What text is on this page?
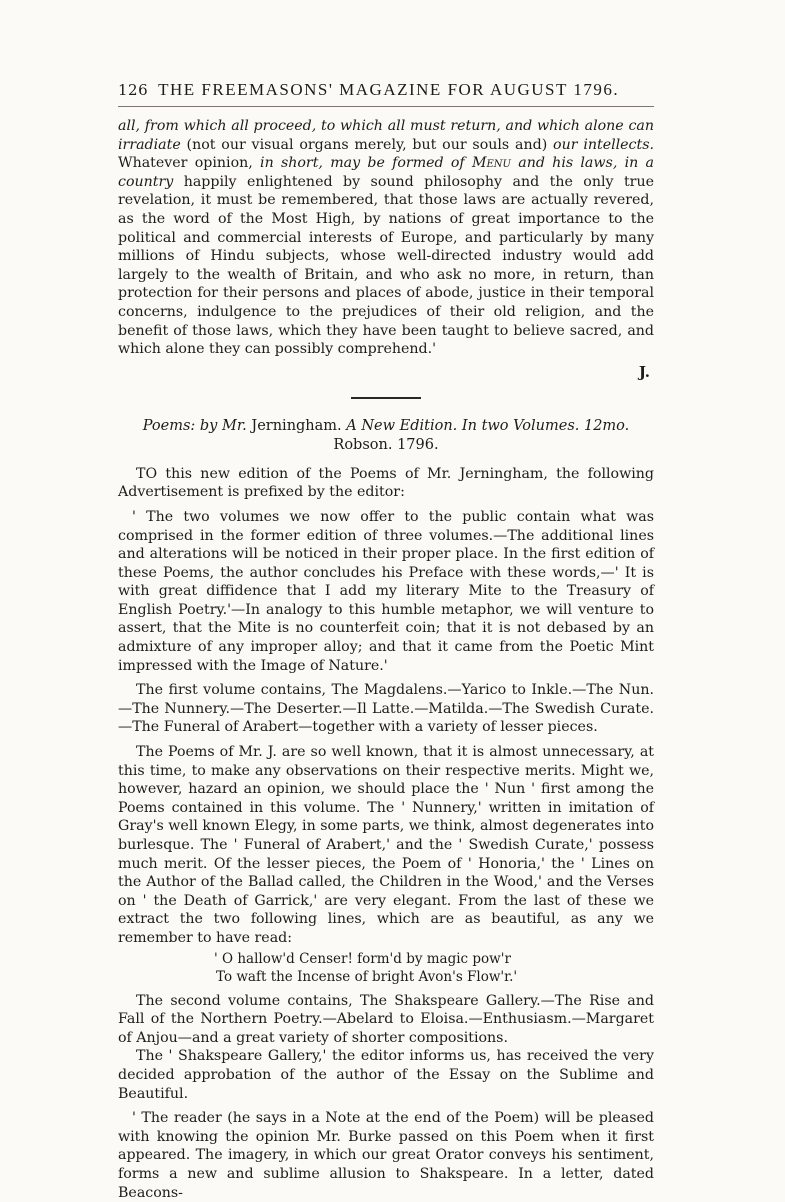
126 THE FREEMASONS' MAGAZINE FOR AUGUST 1796.

all, from which all proceed, to which all must return, and which alone can irradiate (not our visual organs merely, but our souls and) our intellects. Whatever opinion, in short, may be formed of Menu and his laws, in a country happily enlightened by sound philosophy and the only true revelation, it must be remembered, that those laws are actually revered, as the word of the Most High, by nations of great importance to the political and commercial interests of Europe, and particularly by many millions of Hindu subjects, whose well-directed industry would add largely to the wealth of Britain, and who ask no more, in return, than protection for their persons and places of abode, justice in their temporal concerns, indulgence to the prejudices of their old religion, and the benefit of those laws, which they have been taught to believe sacred, and which alone they can possibly comprehend.'

J.
Poems: by Mr. Jerningham. A New Edition. In two Volumes. 12mo.
Robson. 1796.

TO this new edition of the Poems of Mr. Jerningham, the following Advertisement is prefixed by the editor:

' The two volumes we now offer to the public contain what was comprised in the former edition of three volumes.—The additional lines and alterations will be noticed in their proper place. In the first edition of these Poems, the author concludes his Preface with these words,—' It is with great diffidence that I add my literary Mite to the Treasury of English Poetry.'—In analogy to this humble metaphor, we will venture to assert, that the Mite is no counterfeit coin; that it is not debased by an admixture of any improper alloy; and that it came from the Poetic Mint impressed with the Image of Nature.'

The first volume contains, The Magdalens.—Yarico to Inkle.—The Nun.—The Nunnery.—The Deserter.—Il Latte.—Matilda.—The Swedish Curate.—The Funeral of Arabert—together with a variety of lesser pieces.

The Poems of Mr. J. are so well known, that it is almost unnecessary, at this time, to make any observations on their respective merits. Might we, however, hazard an opinion, we should place the ' Nun ' first among the Poems contained in this volume. The ' Nunnery,' written in imitation of Gray's well known Elegy, in some parts, we think, almost degenerates into burlesque. The ' Funeral of Arabert,' and the ' Swedish Curate,' possess much merit. Of the lesser pieces, the Poem of ' Honoria,' the ' Lines on the Author of the Ballad called, the Children in the Wood,' and the Verses on ' the Death of Garrick,' are very elegant. From the last of these we extract the two following lines, which are as beautiful, as any we remember to have read:

' O hallow'd Censer! form'd by magic pow'r
To waft the Incense of bright Avon's Flow'r.'

The second volume contains, The Shakspeare Gallery.—The Rise and Fall of the Northern Poetry.—Abelard to Eloisa.—Enthusiasm.—Margaret of Anjou—and a great variety of shorter compositions.

The ' Shakspeare Gallery,' the editor informs us, has received the very decided approbation of the author of the Essay on the Sublime and Beautiful.

' The reader (he says in a Note at the end of the Poem) will be pleased with knowing the opinion Mr. Burke passed on this Poem when it first appeared. The imagery, in which our great Orator conveys his sentiment, forms a new and sublime allusion to Shakspeare. In a letter, dated Beacons-
